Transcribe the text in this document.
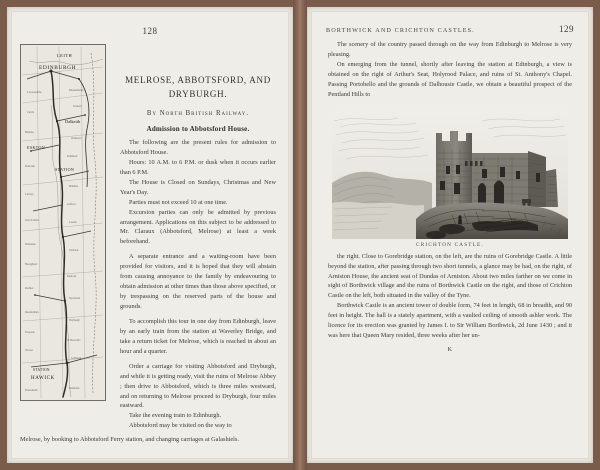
128
LEITH
EDINBURGH
Dalkeith
ESKTON
STATION
HAWICK
STATION
Corstorphine
Musselburgh
Currie
Tranent
Balerno
Ormiston
Pathhead
Penicuik
Humbie
Carlops
Gifford
West Linton
Lauder
Romanno
Earlston
Broughton
Melrose
Peebles
Newstead
Innerleithen
Dryburgh
Traquair
St Boswells
Yarrow
Jedburgh
Branxholm
Denholm
MELROSE, ABBOTSFORD, AND
DRYBURGH.
By North British Railway.
Admission to Abbotsford House.

The following are the present rules for admission to Abbotsford House.

Hours: 10 A.M. to 6 P.M. or dusk when it occurs earlier than 6 P.M.

The House is Closed on Sundays, Christmas and New Year's Day.

Parties must not exceed 10 at one time.

Excursion parties can only be admitted by previous arrangement. Applications on this subject to be addressed to Mr. Claraux (Abbotsford, Melrose) at least a week beforehand.

A separate entrance and a waiting-room have been provided for visitors, and it is hoped that they will abstain from causing annoyance to the family by endeavouring to obtain admission at other times than those above specified, or by trespassing on the reserved parts of the house and grounds.

To accomplish this tour in one day from Edinburgh, leave by an early train from the station at Waverley Bridge, and take a return ticket for Melrose, which is reached in about an hour and a quarter.

Order a carriage for visiting Abbotsford and Dryburgh, and while it is getting ready, visit the ruins of Melrose Abbey ; then drive to Abbotsford, which is three miles westward, and on returning to Melrose proceed to Dryburgh, four miles eastward.

Take the evening train to Edinburgh.

Abbotsford may be visited on the way to

Melrose, by booking to Abbotsford Ferry station, and changing carriages at Galashiels.

BORTHWICK AND CRICHTON CASTLES.	129

The scenery of the country passed through on the way from Edinburgh to Melrose is very pleasing.

On emerging from the tunnel, shortly after leaving the station at Edinburgh, a view is obtained on the right of Arthur's Seat, Holyrood Palace, and ruins of St. Anthony's Chapel. Passing Portobello and the grounds of Dalhousie Castle, we obtain a beautiful prospect of the Pentland Hills to

CRICHTON CASTLE.

the right. Close to Gorebridge station, on the left, are the ruins of Gorebridge Castle. A little beyond the station, after passing through two short tunnels, a glance may be had, on the right, of Arniston House, the ancient seat of Dundas of Arniston. About two miles farther on we come in sight of Borthwick village and the ruins of Borthwick Castle on the right, and those of Crichton Castle on the left, both situated in the valley of the Tyne.

Borthwick Castle is an ancient tower of double form, 74 feet in length, 68 in breadth, and 90 feet in height. The hall is a stately apartment, with a vaulted ceiling of smooth ashler work. The licence for its erection was granted by James I. to Sir William Borthwick, 2d June 1430 ; and it was here that Queen Mary resided, three weeks after her un-

K
